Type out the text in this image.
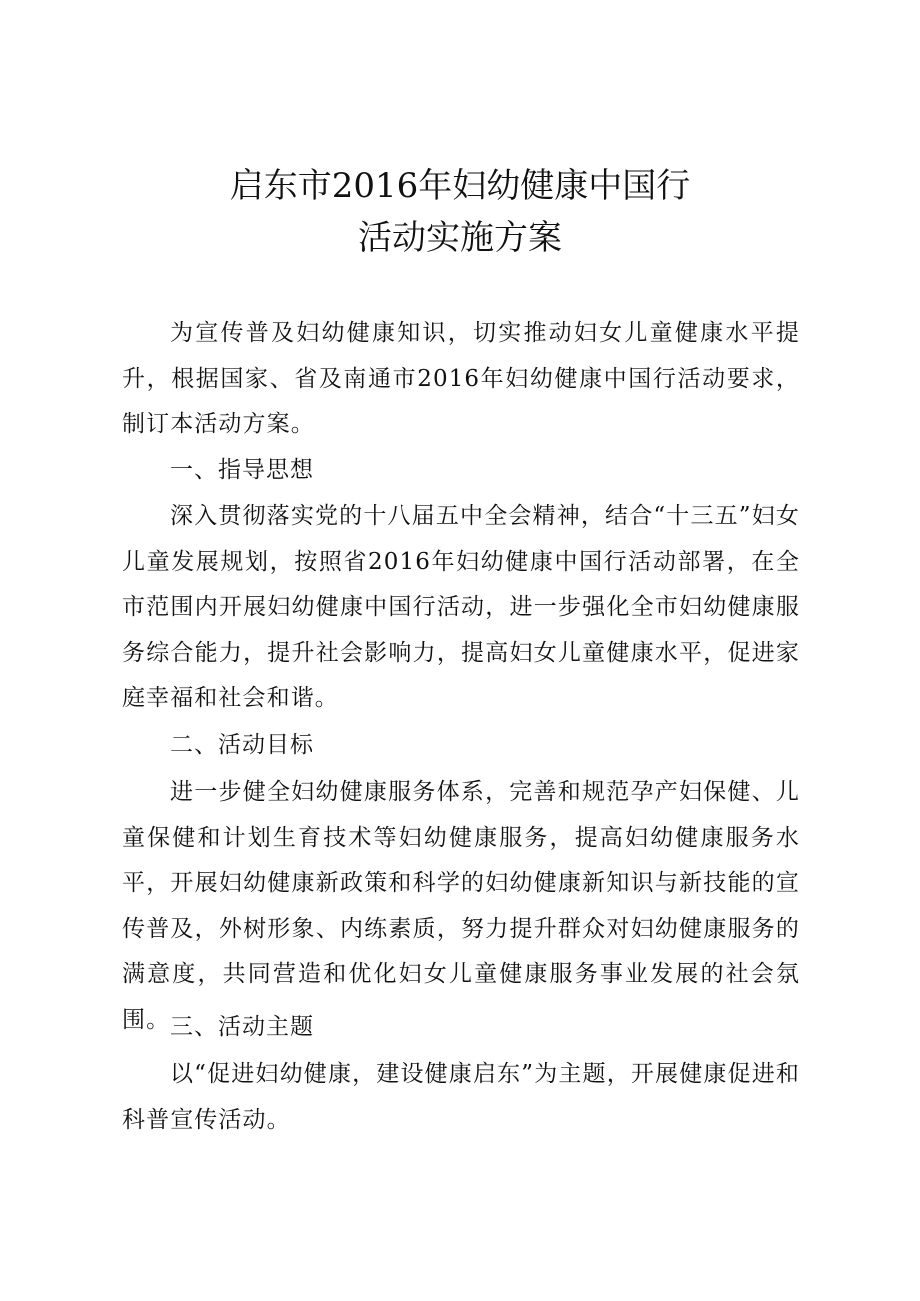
启东市2016年妇幼健康中国行
活动实施方案

为宣传普及妇幼健康知识，切实推动妇女儿童健康水平提升，根据国家、省及南通市2016年妇幼健康中国行活动要求，制订本活动方案。

一、指导思想

深入贯彻落实党的十八届五中全会精神，结合“十三五”妇女儿童发展规划，按照省2016年妇幼健康中国行活动部署，在全市范围内开展妇幼健康中国行活动，进一步强化全市妇幼健康服务综合能力，提升社会影响力，提高妇女儿童健康水平，促进家庭幸福和社会和谐。

二、活动目标

进一步健全妇幼健康服务体系，完善和规范孕产妇保健、儿童保健和计划生育技术等妇幼健康服务，提高妇幼健康服务水平，开展妇幼健康新政策和科学的妇幼健康新知识与新技能的宣传普及，外树形象、内练素质，努力提升群众对妇幼健康服务的满意度，共同营造和优化妇女儿童健康服务事业发展的社会氛围。 三、活动主题

以“促进妇幼健康，建设健康启东”为主题，开展健康促进和科普宣传活动。
